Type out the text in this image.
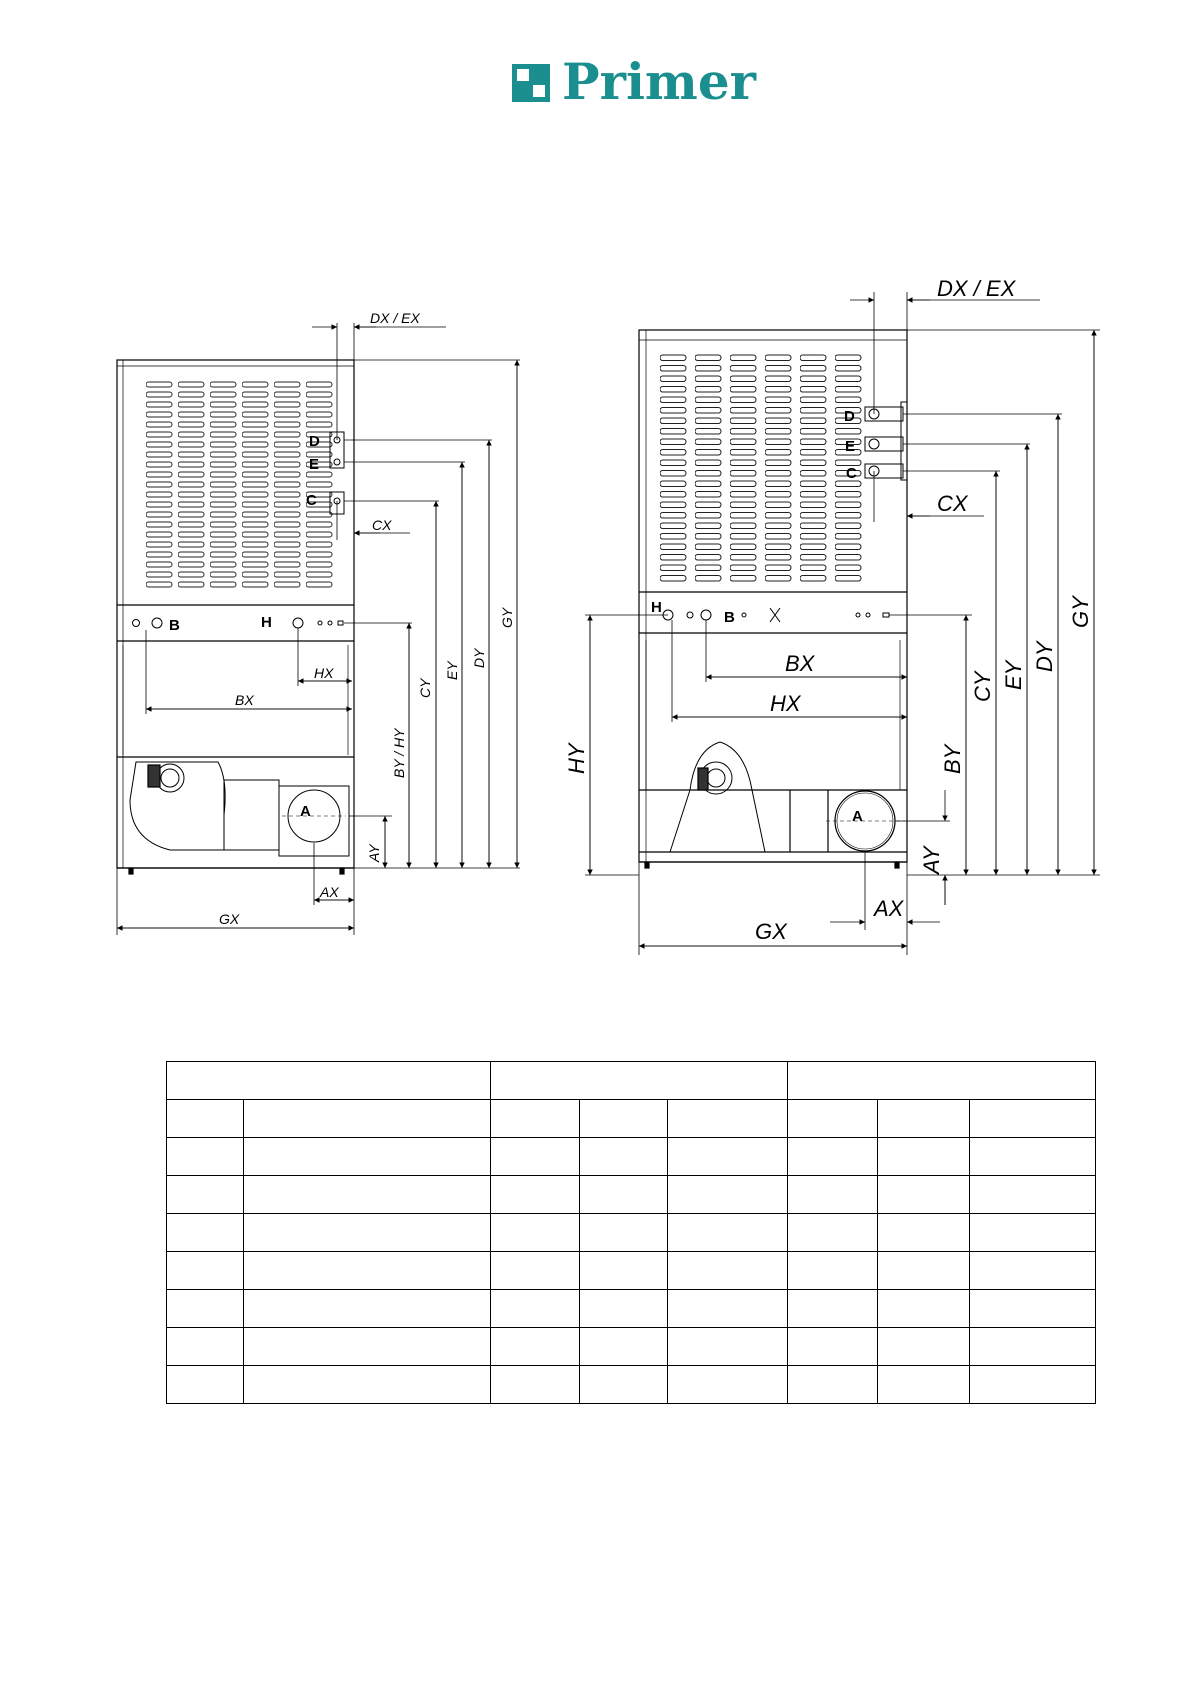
Primer
D
E
C
B	H
A
DX / EX
CX
HX
BX
GX
AX
BY / HY
CY
EY
DY
GY
AY
D
E
C
H
B
A
DX / EX
CX
BX
HX
GX
AX
HY	BY
CY EY
DY
GY
AY
